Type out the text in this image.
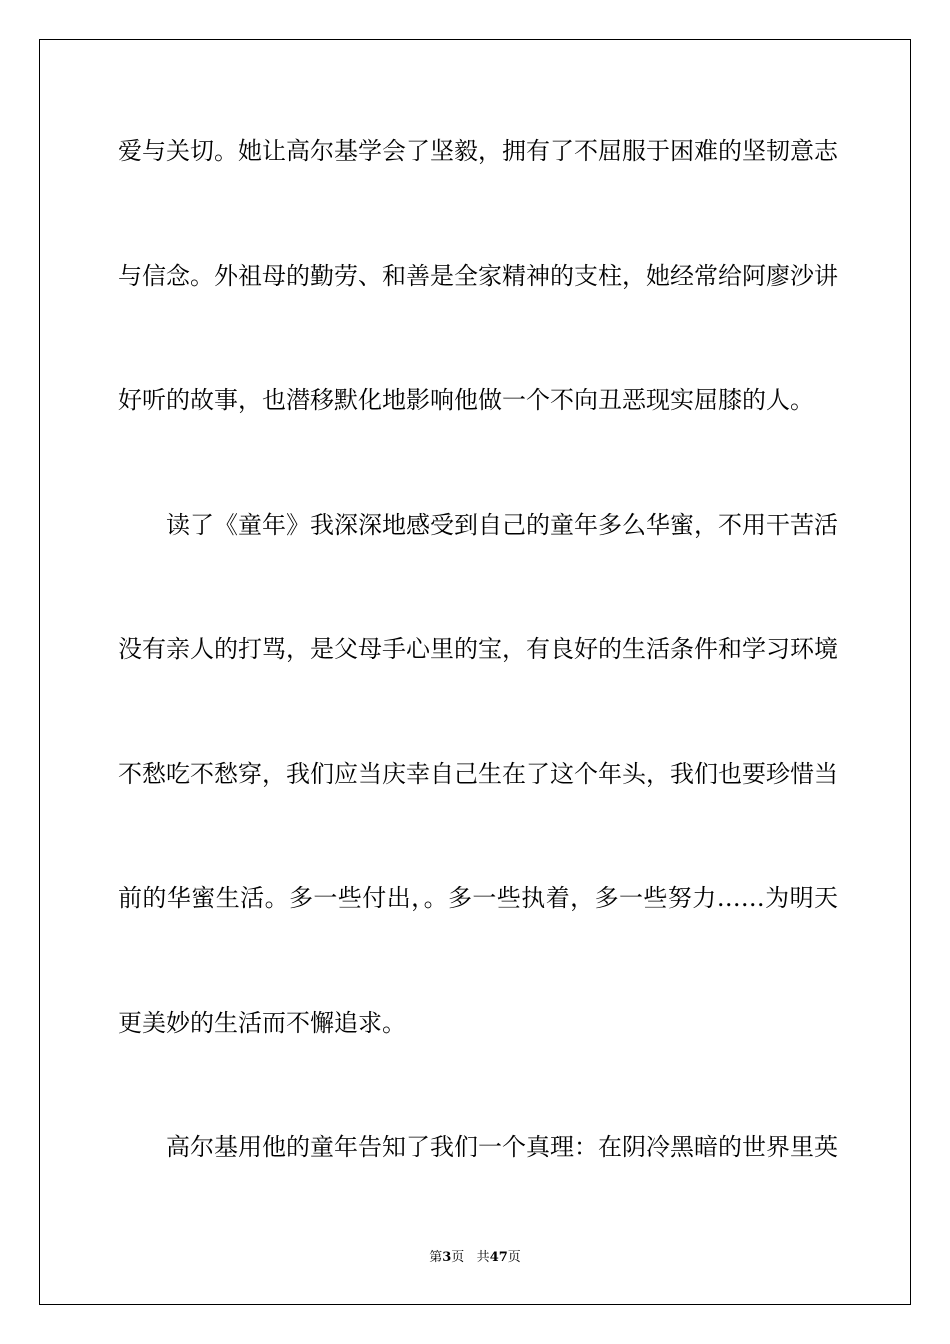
爱与关切。她让高尔基学会了坚毅，拥有了不屈服于困难的坚韧意志
与信念。外祖母的勤劳、和善是全家精神的支柱，她经常给阿廖沙讲
好听的故事，也潜移默化地影响他做一个不向丑恶现实屈膝的人。
读了《童年》我深深地感受到自己的童年多么华蜜，不用干苦活
没有亲人的打骂，是父母手心里的宝，有良好的生活条件和学习环境
不愁吃不愁穿，我们应当庆幸自己生在了这个年头，我们也要珍惜当
前的华蜜生活。多一些付出，。多一些执着，多一些努力……为明天
更美妙的生活而不懈追求。
高尔基用他的童年告知了我们一个真理：在阴冷黑暗的世界里英
第3页 共47页
